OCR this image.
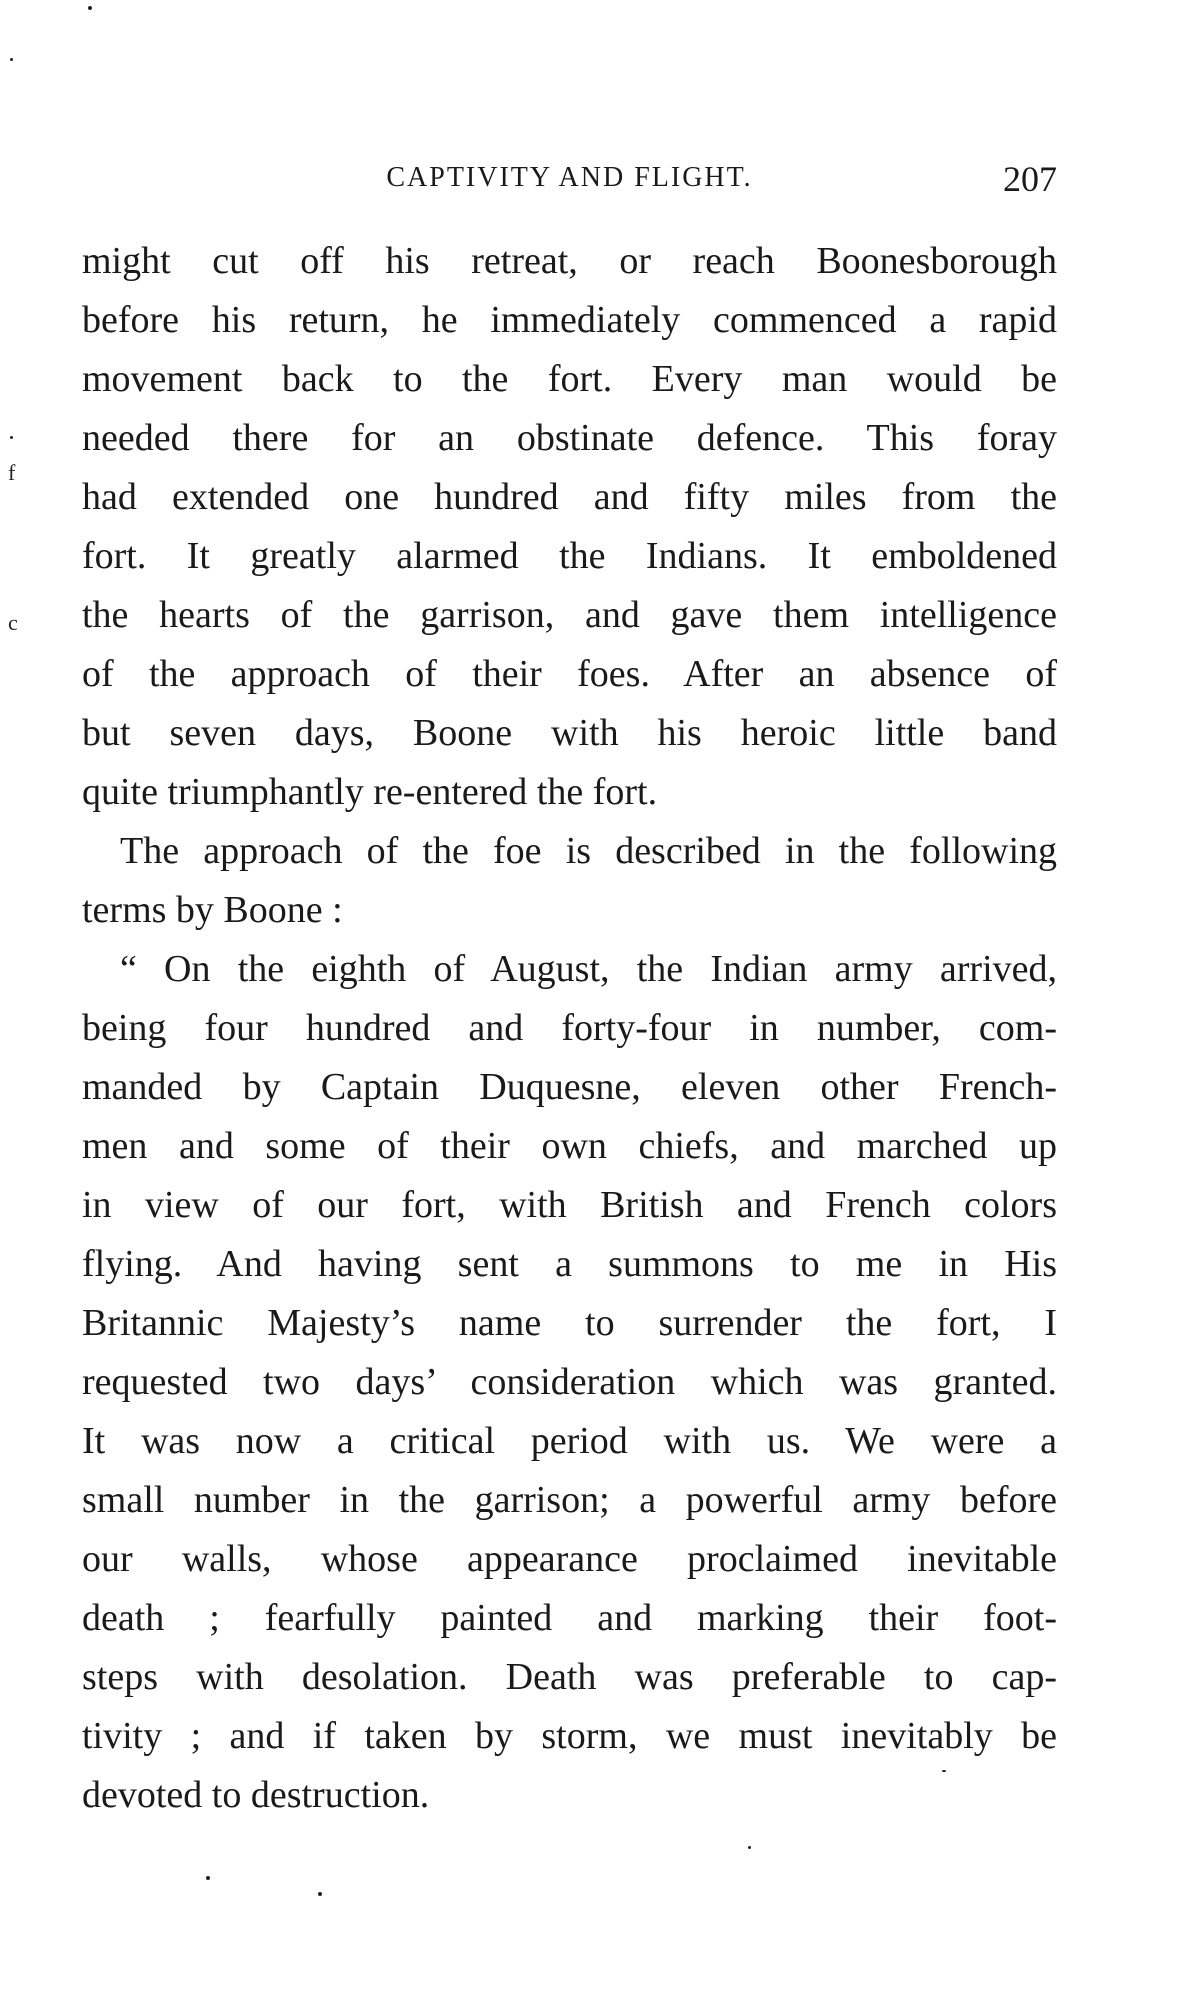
CAPTIVITY AND FLIGHT.	207
might cut off his retreat, or reach Boonesborough
before his return, he immediately commenced a rapid
movement back to the fort. Every man would be
needed there for an obstinate defence. This foray
had extended one hundred and fifty miles from the
fort. It greatly alarmed the Indians. It emboldened
the hearts of the garrison, and gave them intelligence
of the approach of their foes. After an absence of
but seven days, Boone with his heroic little band
quite triumphantly re-entered the fort.
The approach of the foe is described in the following
terms by Boone :
“ On the eighth of August, the Indian army arrived,
being four hundred and forty-four in number, com-
manded by Captain Duquesne, eleven other French-
men and some of their own chiefs, and marched up
in view of our fort, with British and French colors
flying. And having sent a summons to me in His
Britannic Majesty’s name to surrender the fort, I
requested two days’ consideration which was granted.
It was now a critical period with us. We were a
small number in the garrison; a powerful army before
our walls, whose appearance proclaimed inevitable
death ; fearfully painted and marking their foot-
steps with desolation. Death was preferable to cap-
tivity ; and if taken by storm, we must inevitably be
devoted to destruction.
f
c
